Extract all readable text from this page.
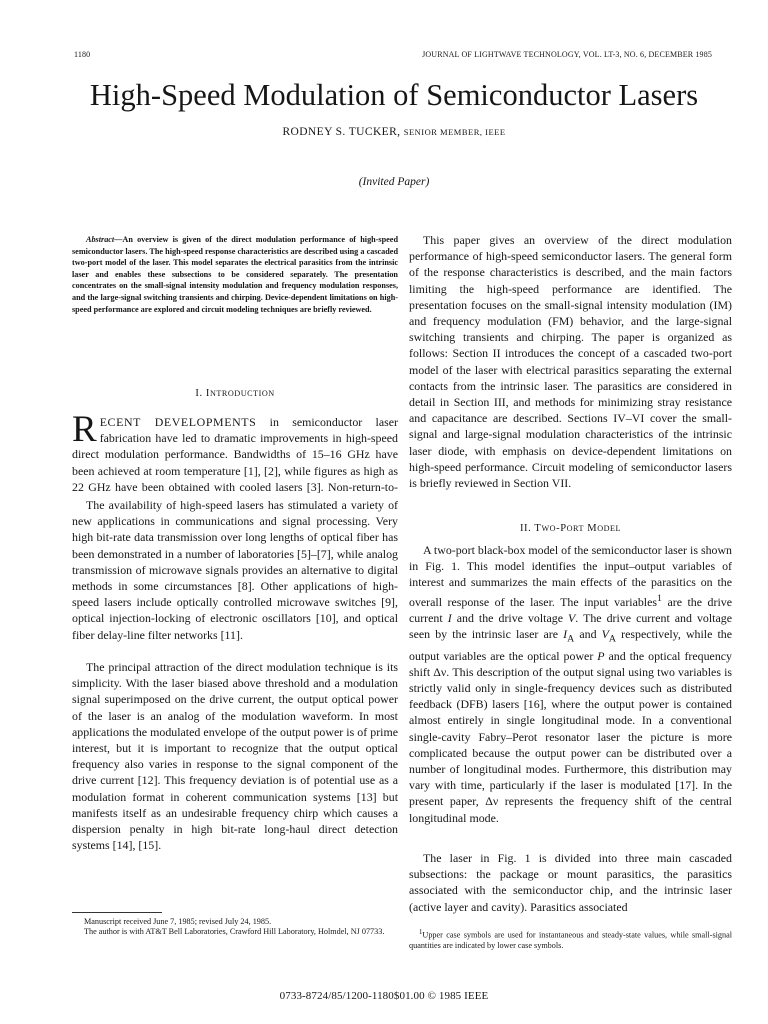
1180	JOURNAL OF LIGHTWAVE TECHNOLOGY, VOL. LT-3, NO. 6, DECEMBER 1985
High-Speed Modulation of Semiconductor Lasers
RODNEY S. TUCKER, SENIOR MEMBER, IEEE
(Invited Paper)

Abstract—An overview is given of the direct modulation performance of high-speed semiconductor lasers. The high-speed response characteristics are described using a cascaded two-port model of the laser. This model separates the electrical parasitics from the intrinsic laser and enables these subsections to be considered separately. The presentation concentrates on the small-signal intensity modulation and frequency modulation responses, and the large-signal switching transients and chirping. Device-dependent limitations on high-speed performance are explored and circuit modeling techniques are briefly reviewed.

I. INTRODUCTION

RECENT DEVELOPMENTS in semiconductor laser fabrication have led to dramatic improvements in high-speed direct modulation performance. Bandwidths of 15–16 GHz have been achieved at room temperature [1], [2], while figures as high as 22 GHz have been obtained with cooled lasers [3]. Non-return-to-

The availability of high-speed lasers has stimulated a variety of new applications in communications and signal processing. Very high bit-rate data transmission over long lengths of optical fiber has been demonstrated in a number of laboratories [5]–[7], while analog transmission of microwave signals provides an alternative to digital methods in some circumstances [8]. Other applications of high-speed lasers include optically controlled microwave switches [9], optical injection-locking of electronic oscillators [10], and optical fiber delay-line filter networks [11].

The principal attraction of the direct modulation technique is its simplicity. With the laser biased above threshold and a modulation signal superimposed on the drive current, the output optical power of the laser is an analog of the modulation waveform. In most applications the modulated envelope of the output power is of prime interest, but it is important to recognize that the output optical frequency also varies in response to the signal component of the drive current [12]. This frequency deviation is of potential use as a modulation format in coherent communication systems [13] but manifests itself as an undesirable frequency chirp which causes a dispersion penalty in high bit-rate long-haul direct detection systems [14], [15].

This paper gives an overview of the direct modulation performance of high-speed semiconductor lasers. The general form of the response characteristics is described, and the main factors limiting the high-speed performance are identified. The presentation focuses on the small-signal intensity modulation (IM) and frequency modulation (FM) behavior, and the large-signal switching transients and chirping. The paper is organized as follows: Section II introduces the concept of a cascaded two-port model of the laser with electrical parasitics separating the external contacts from the intrinsic laser. The parasitics are considered in detail in Section III, and methods for minimizing stray resistance and capacitance are described. Sections IV–VI cover the small-signal and large-signal modulation characteristics of the intrinsic laser diode, with emphasis on device-dependent limitations on high-speed performance. Circuit modeling of semiconductor lasers is briefly reviewed in Section VII.

II. TWO-PORT MODEL

A two-port black-box model of the semiconductor laser is shown in Fig. 1. This model identifies the input–output variables of interest and summarizes the main effects of the parasitics on the overall response of the laser. The input variables$^1$ are the drive current I and the drive voltage V. The drive current and voltage seen by the intrinsic laser are $I_A$ and $V_A$ respectively, while the output variables are the optical power P and the optical frequency shift Δν. This description of the output signal using two variables is strictly valid only in single-frequency devices such as distributed feedback (DFB) lasers [16], where the output power is contained almost entirely in single longitudinal mode. In a conventional single-cavity Fabry–Perot resonator laser the picture is more complicated because the output power can be distributed over a number of longitudinal modes. Furthermore, this distribution may vary with time, particularly if the laser is modulated [17]. In the present paper, Δν represents the frequency shift of the central longitudinal mode.

The laser in Fig. 1 is divided into three main cascaded subsections: the package or mount parasitics, the parasitics associated with the semiconductor chip, and the intrinsic laser (active layer and cavity). Parasitics associated

Manuscript received June 7, 1985; revised July 24, 1985.

The author is with AT&T Bell Laboratories, Crawford Hill Laboratory, Holmdel, NJ 07733.	$^1$Upper case symbols are used for instantaneous and steady-state values, while small-signal quantities are indicated by lower case symbols.
0733-8724/85/1200-1180$01.00 © 1985 IEEE
